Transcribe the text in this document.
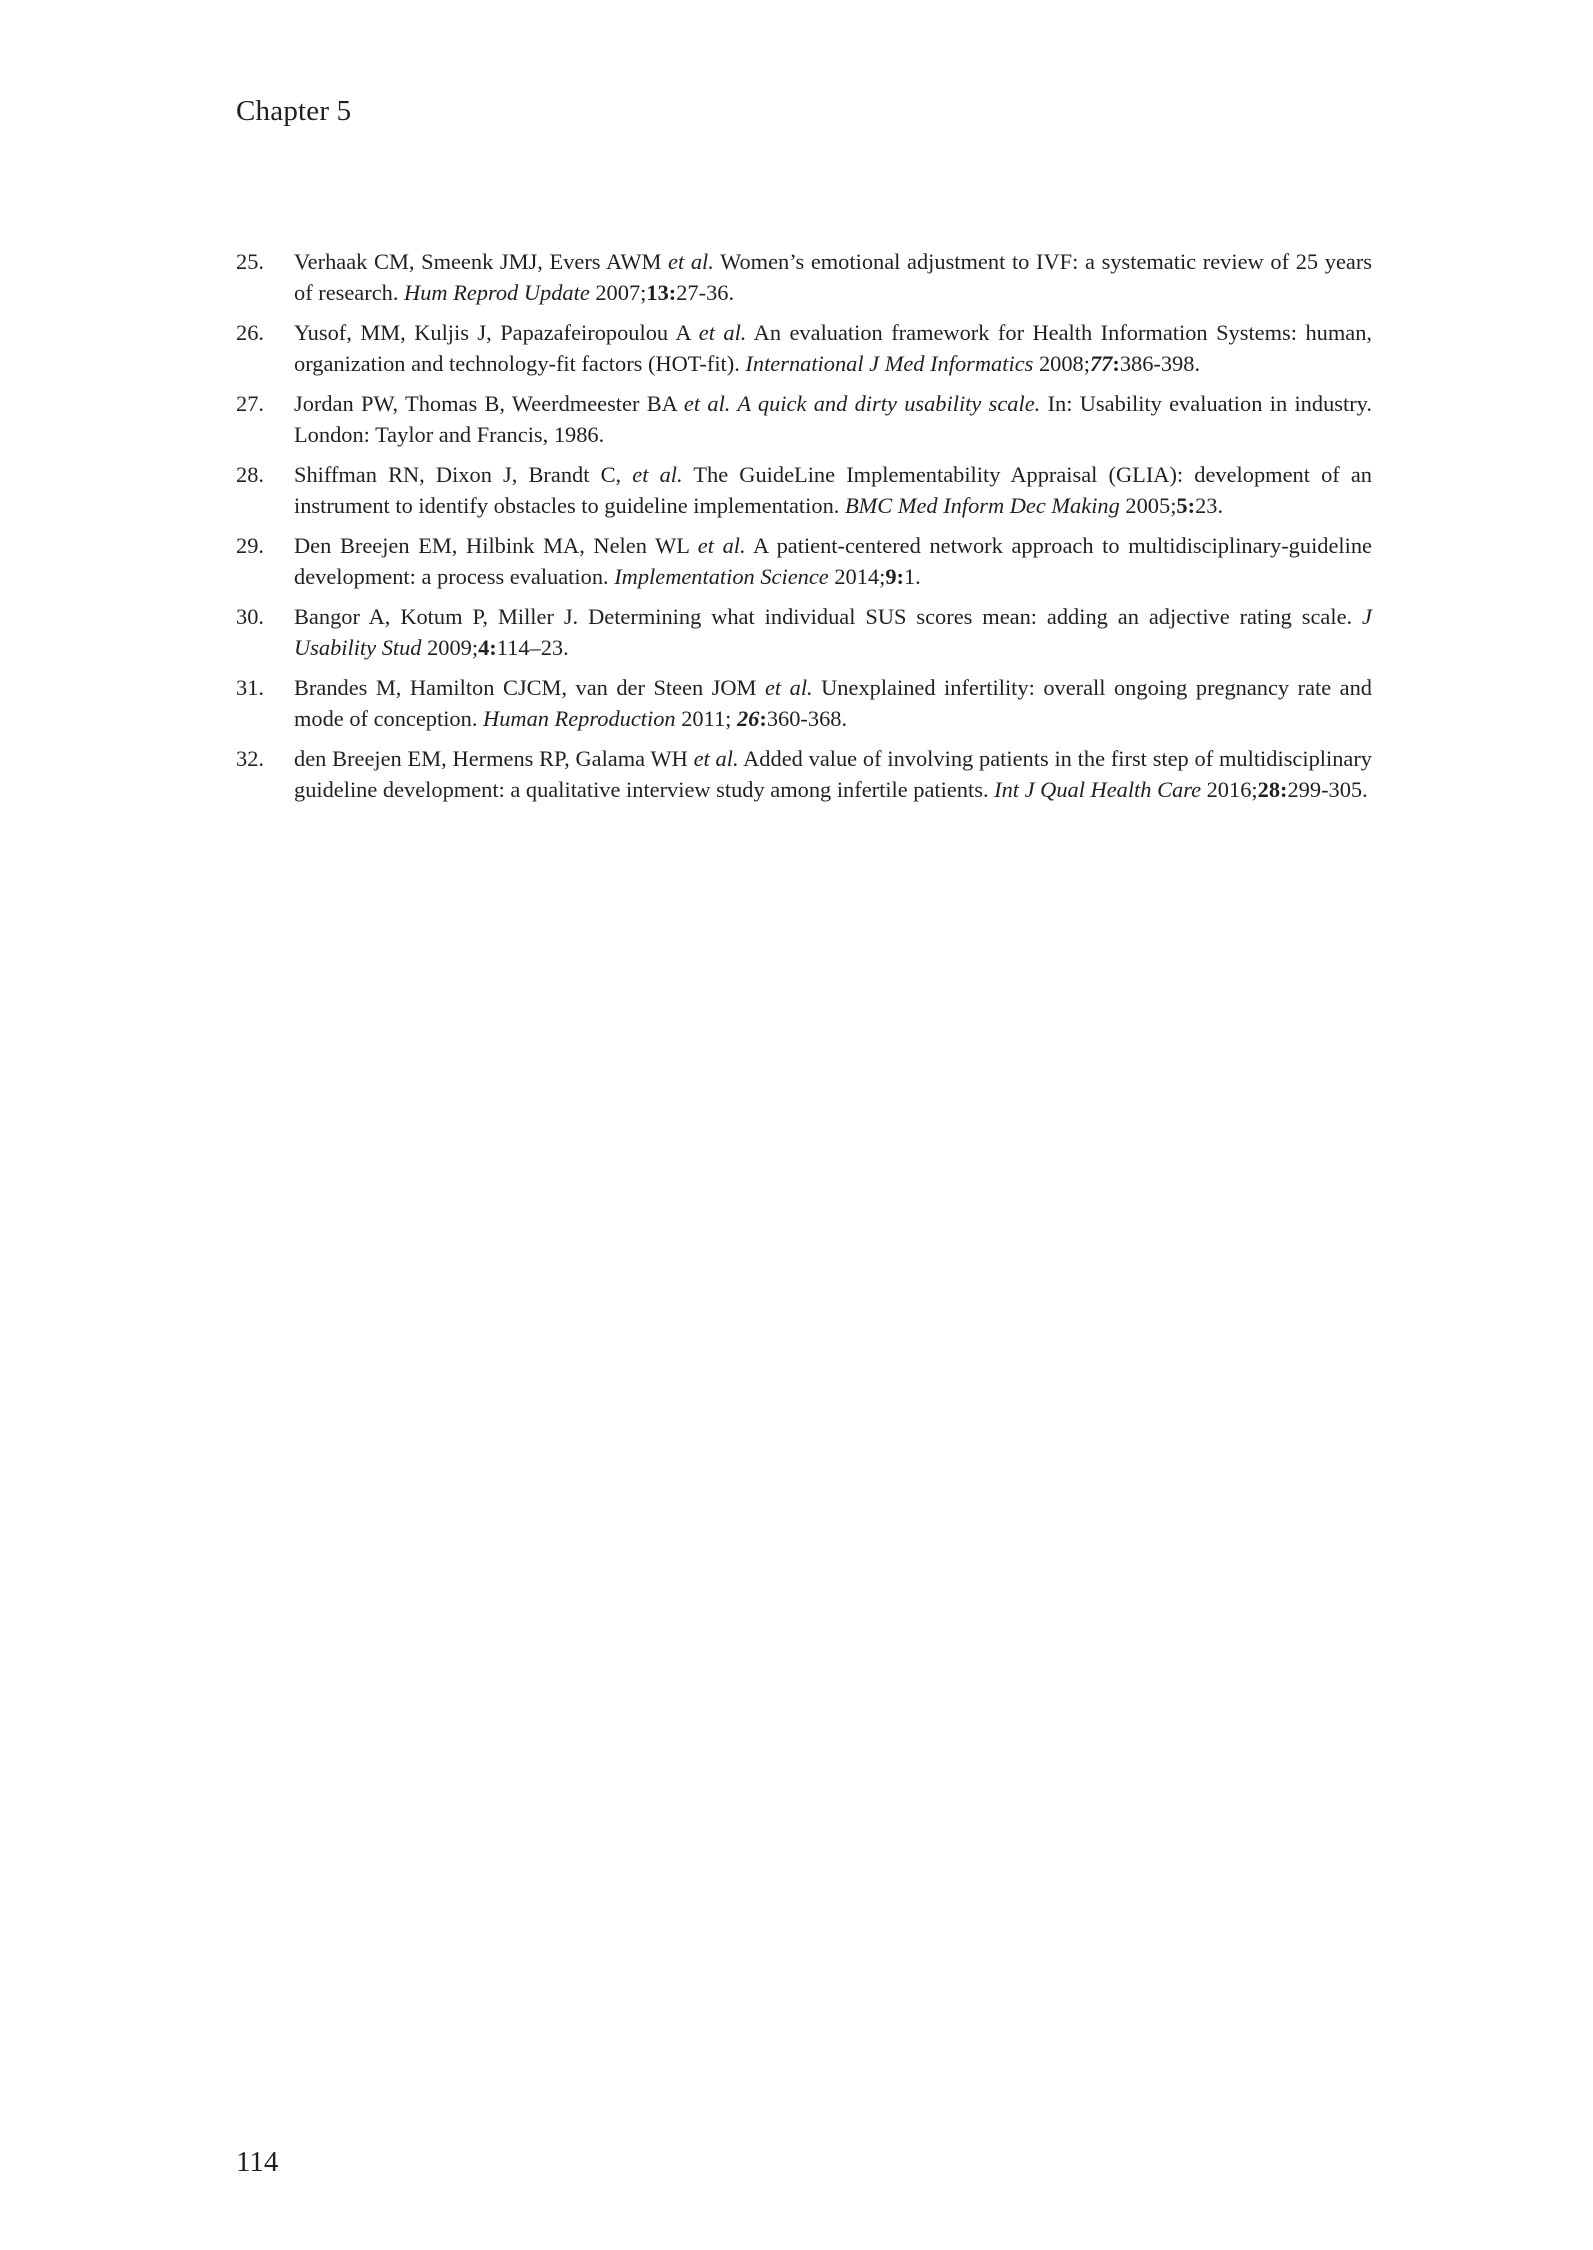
Chapter 5
25. Verhaak CM, Smeenk JMJ, Evers AWM et al. Women’s emotional adjustment to IVF: a systematic review of 25 years of research. Hum Reprod Update 2007;13:27-36.
26. Yusof, MM, Kuljis J, Papazafeiropoulou A et al. An evaluation framework for Health Information Systems: human, organization and technology-fit factors (HOT-fit). International J Med Informatics 2008;77:386-398.
27. Jordan PW, Thomas B, Weerdmeester BA et al. A quick and dirty usability scale. In: Usability evaluation in industry. London: Taylor and Francis, 1986.
28. Shiffman RN, Dixon J, Brandt C, et al. The GuideLine Implementability Appraisal (GLIA): development of an instrument to identify obstacles to guideline implementation. BMC Med Inform Dec Making 2005;5:23.
29. Den Breejen EM, Hilbink MA, Nelen WL et al. A patient-centered network approach to multidisciplinary-guideline development: a process evaluation. Implementation Science 2014;9:1.
30. Bangor A, Kotum P, Miller J. Determining what individual SUS scores mean: adding an adjective rating scale. J Usability Stud 2009;4:114–23.
31. Brandes M, Hamilton CJCM, van der Steen JOM et al. Unexplained infertility: overall ongoing pregnancy rate and mode of conception. Human Reproduction 2011; 26:360-368.
32. den Breejen EM, Hermens RP, Galama WH et al. Added value of involving patients in the first step of multidisciplinary guideline development: a qualitative interview study among infertile patients. Int J Qual Health Care 2016;28:299-305.
114
